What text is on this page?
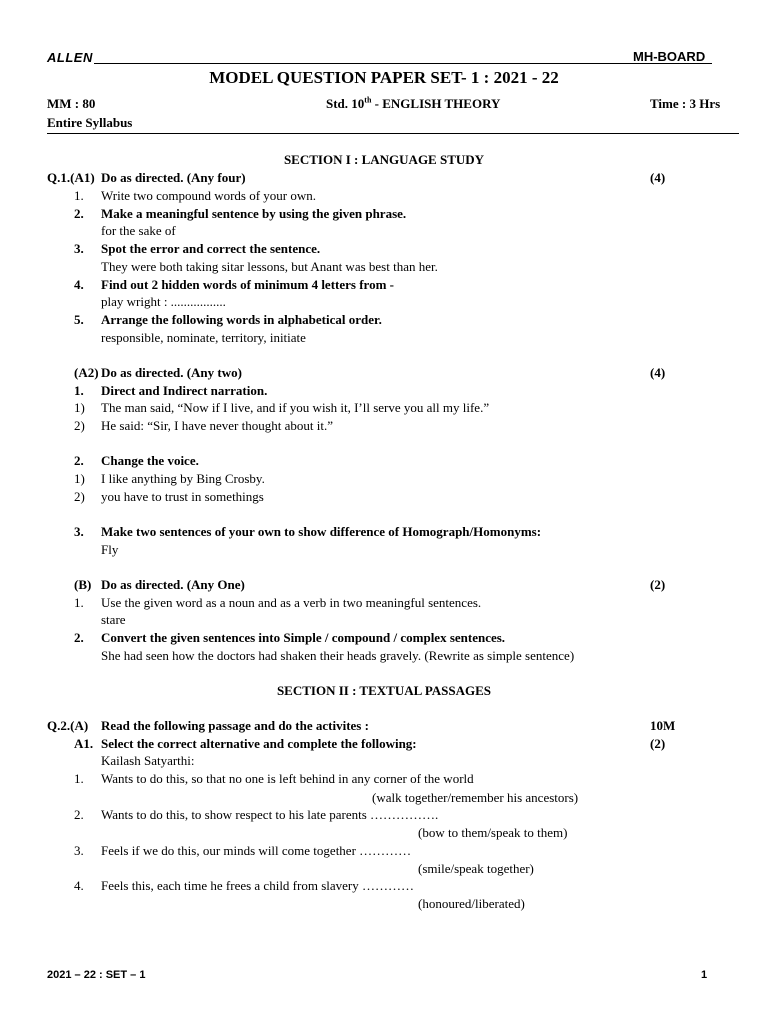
ALLEN	MH-BOARD
MODEL QUESTION PAPER SET- 1 : 2021 - 22
MM : 80	Std. 10th - ENGLISH THEORY	Time : 3 Hrs
Entire Syllabus
SECTION I : LANGUAGE STUDY
Q.1.(A1) Do as directed. (Any four)	(4)
1. Write two compound words of your own.
2. Make a meaningful sentence by using the given phrase.
for the sake of
3. Spot the error and correct the sentence.
They were both taking sitar lessons, but Anant was best than her.
4. Find out 2 hidden words of minimum 4 letters from -
play wright : .................
5. Arrange the following words in alphabetical order.
responsible, nominate, territory, initiate
(A2) Do as directed. (Any two)	(4)
1. Direct and Indirect narration.
1) The man said, “Now if I live, and if you wish it, I’ll serve you all my life.”
2) He said: “Sir, I have never thought about it.”
2. Change the voice.
1) I like anything by Bing Crosby.
2) you have to trust in somethings
3. Make two sentences of your own to show difference of Homograph/Homonyms:
Fly
(B) Do as directed. (Any One)	(2)
1. Use the given word as a noun and as a verb in two meaningful sentences.
stare
2. Convert the given sentences into Simple / compound / complex sentences.
She had seen how the doctors had shaken their heads gravely. (Rewrite as simple sentence)
SECTION II : TEXTUAL PASSAGES
Q.2.(A) Read the following passage and do the activites :	10M
A1. Select the correct alternative and complete the following:	(2)
Kailash Satyarthi:
1. Wants to do this, so that no one is left behind in any corner of the world
(walk together/remember his ancestors)
2. Wants to do this, to show respect to his late parents …………….
(bow to them/speak to them)
3. Feels if we do this, our minds will come together …………
(smile/speak together)
4. Feels this, each time he frees a child from slavery …………
(honoured/liberated)
2021 – 22 : SET – 1	1
